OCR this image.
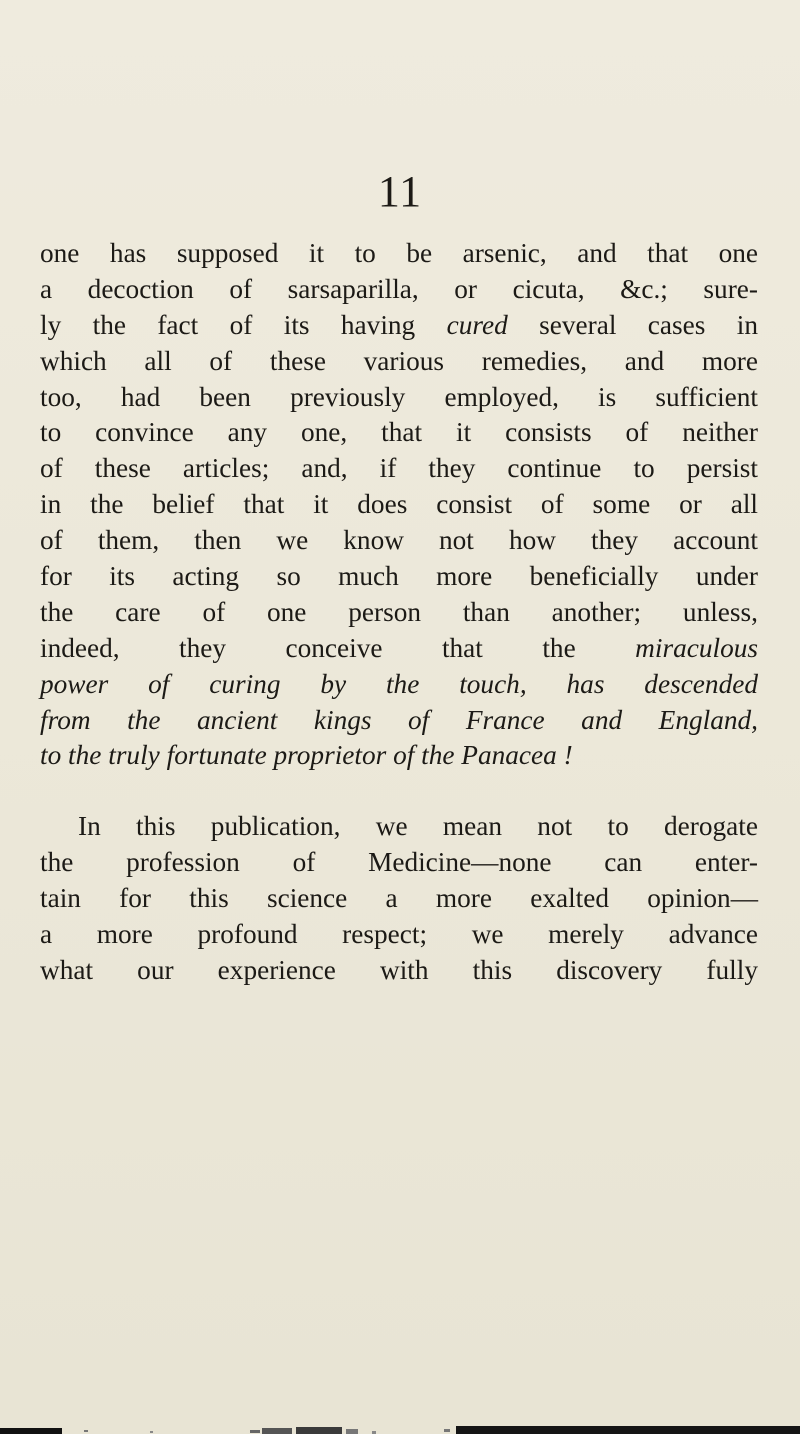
11
one has supposed it to be arsenic, and that one
a decoction of sarsaparilla, or cicuta, &c.; sure-
ly the fact of its having cured several cases in
which all of these various remedies, and more
too, had been previously employed, is sufficient
to convince any one, that it consists of neither
of these articles; and, if they continue to persist
in the belief that it does consist of some or all
of them, then we know not how they account
for its acting so much more beneficially under
the care of one person than another; unless,
indeed, they conceive that the miraculous
power of curing by the touch, has descended
from the ancient kings of France and England,
to the truly fortunate proprietor of the Panacea !
In this publication, we mean not to derogate
the profession of Medicine—none can enter-
tain for this science a more exalted opinion—
a more profound respect; we merely advance
what our experience with this discovery fully
